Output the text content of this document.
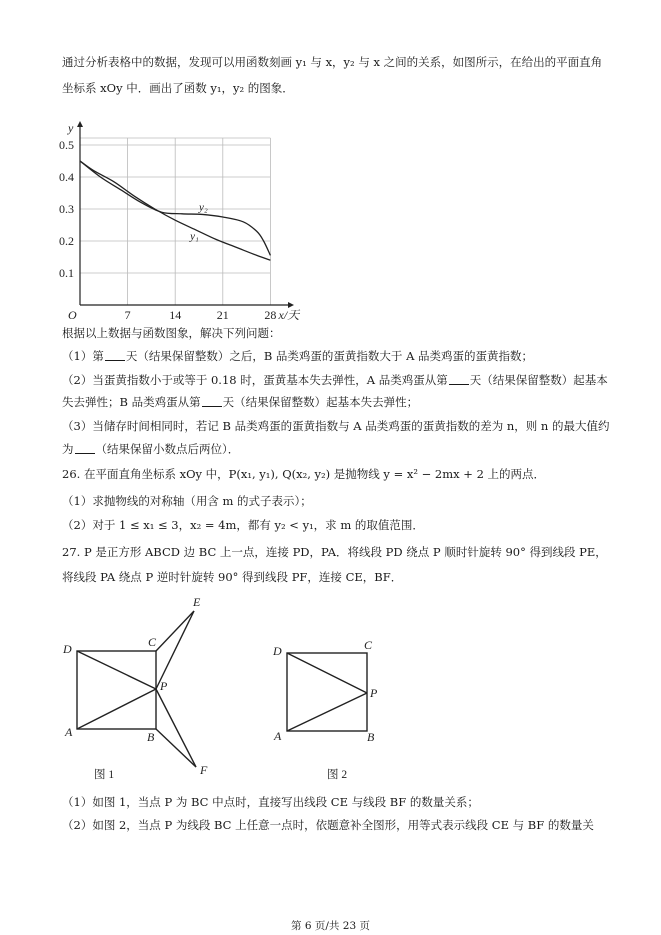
通过分析表格中的数据，发现可以用函数刻画 y₁ 与 x，y₂ 与 x 之间的关系，如图所示，在给出的平面直角
坐标系 xOy 中．画出了函数 y₁，y₂ 的图象．
7	14	21	28
0.1
0.2
0.3
0.4
0.5
O	x/天
y
y₁
y₂
根据以上数据与函数图象，解决下列问题：
（1）第 天（结果保留整数）之后，B 品类鸡蛋的蛋黄指数大于 A 品类鸡蛋的蛋黄指数；
（2）当蛋黄指数小于或等于 0.18 时，蛋黄基本失去弹性，A 品类鸡蛋从第 天（结果保留整数）起基本
失去弹性；B 品类鸡蛋从第 天（结果保留整数）起基本失去弹性；
（3）当储存时间相同时，若记 B 品类鸡蛋的蛋黄指数与 A 品类鸡蛋的蛋黄指数的差为 n，则 n 的最大值约
为 （结果保留小数点后两位）．
26. 在平面直角坐标系 xOy 中，P(x₁, y₁), Q(x₂, y₂) 是抛物线 y = x² − 2mx + 2 上的两点．
（1）求抛物线的对称轴（用含 m 的式子表示）；
（2）对于 1 ≤ x₁ ≤ 3，x₂ = 4m，都有 y₂ < y₁，求 m 的取值范围．
27. P 是正方形 ABCD 边 BC 上一点，连接 PD，PA．将线段 PD 绕点 P 顺时针旋转 90° 得到线段 PE，
将线段 PA 绕点 P 逆时针旋转 90° 得到线段 PF，连接 CE，BF．
D	C
A	B
P
E
F
图 1
D	C
A	B
P
图 2
（1）如图 1，当点 P 为 BC 中点时，直接写出线段 CE 与线段 BF 的数量关系；
（2）如图 2，当点 P 为线段 BC 上任意一点时，依题意补全图形，用等式表示线段 CE 与 BF 的数量关
第 6 页/共 23 页
